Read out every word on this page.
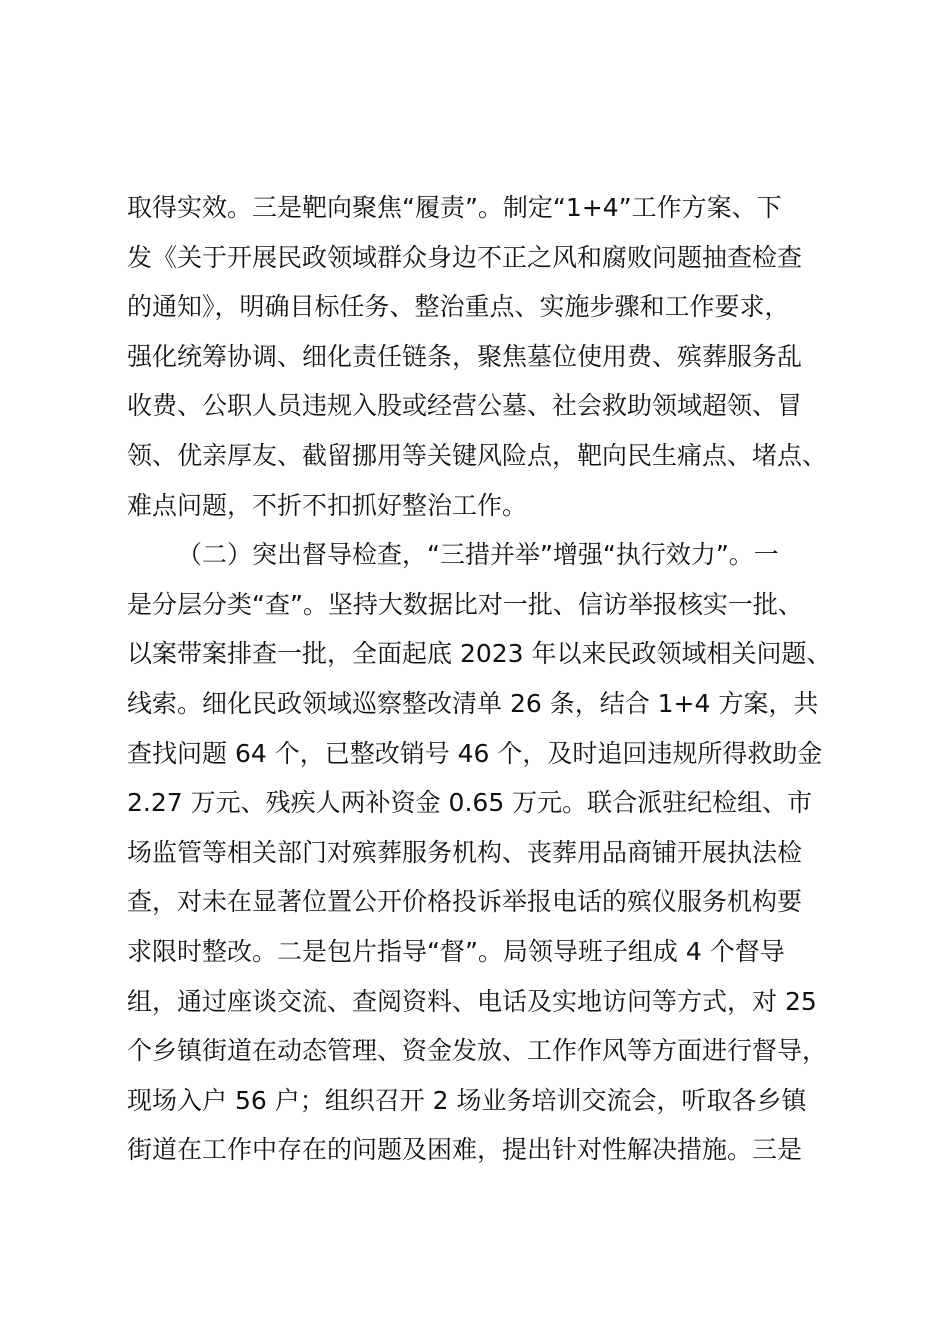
取得实效。三是靶向聚焦“履责”。制定“1+4”工作方案、下
发《关于开展民政领域群众身边不正之风和腐败问题抽查检查
的通知》，明确目标任务、整治重点、实施步骤和工作要求，
强化统筹协调、细化责任链条，聚焦墓位使用费、殡葬服务乱
收费、公职人员违规入股或经营公墓、社会救助领域超领、冒
领、优亲厚友、截留挪用等关键风险点，靶向民生痛点、堵点、
难点问题，不折不扣抓好整治工作。
（二）突出督导检查，“三措并举”增强“执行效力”。一
是分层分类“查”。坚持大数据比对一批、信访举报核实一批、
以案带案排查一批，全面起底 2023 年以来民政领域相关问题、
线索。细化民政领域巡察整改清单 26 条，结合 1+4 方案，共
查找问题 64 个，已整改销号 46 个，及时追回违规所得救助金
2.27 万元、残疾人两补资金 0.65 万元。联合派驻纪检组、市
场监管等相关部门对殡葬服务机构、丧葬用品商铺开展执法检
查，对未在显著位置公开价格投诉举报电话的殡仪服务机构要
求限时整改。二是包片指导“督”。局领导班子组成 4 个督导
组，通过座谈交流、查阅资料、电话及实地访问等方式，对 25
个乡镇街道在动态管理、资金发放、工作作风等方面进行督导，
现场入户 56 户；组织召开 2 场业务培训交流会，听取各乡镇
街道在工作中存在的问题及困难，提出针对性解决措施。三是
